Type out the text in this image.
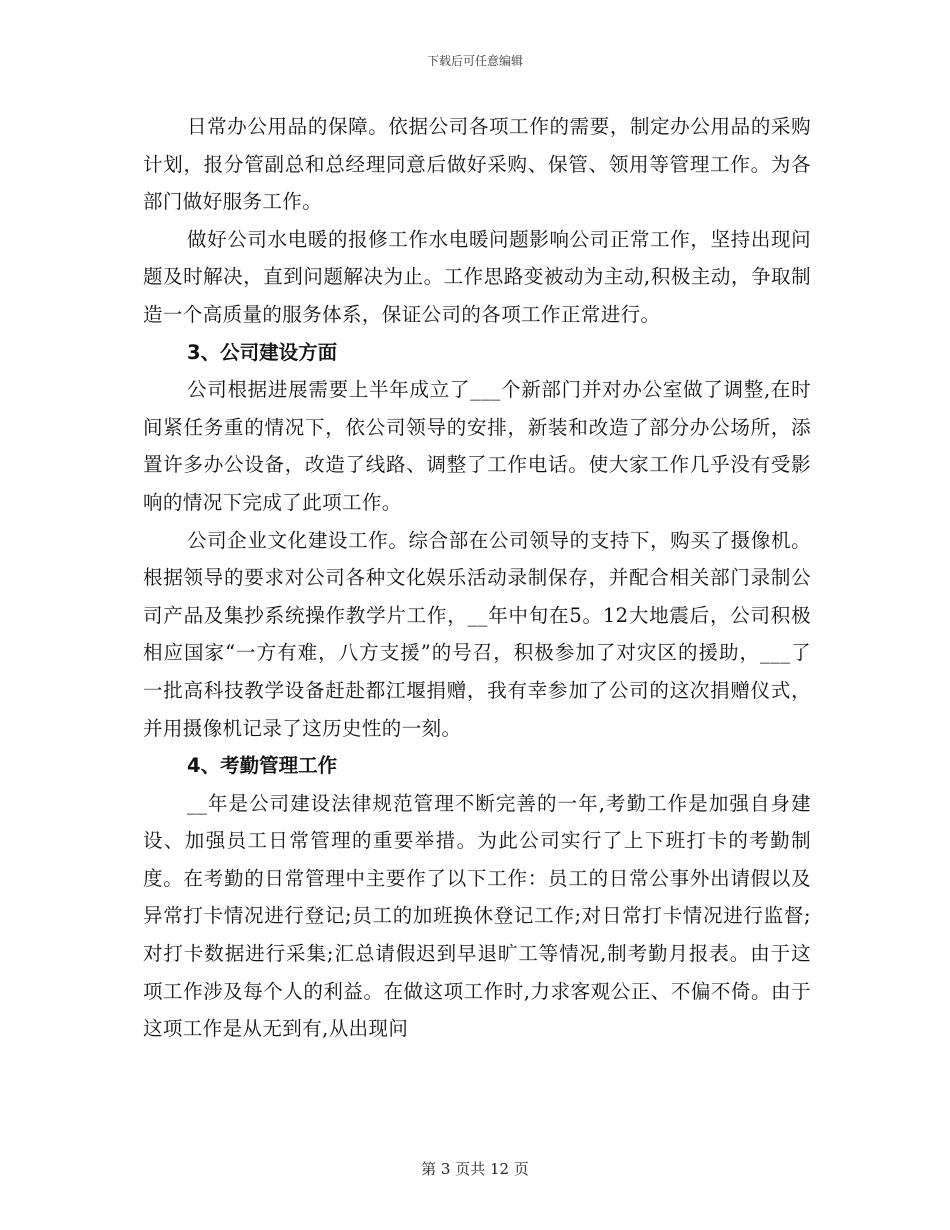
下载后可任意编辑

日常办公用品的保障。依据公司各项工作的需要，制定办公用品的采购计划，报分管副总和总经理同意后做好采购、保管、领用等管理工作。为各部门做好服务工作。

做好公司水电暖的报修工作水电暖问题影响公司正常工作，坚持出现问题及时解决，直到问题解决为止。工作思路变被动为主动,积极主动，争取制造一个高质量的服务体系，保证公司的各项工作正常进行。

3、公司建设方面

公司根据进展需要上半年成立了___个新部门并对办公室做了调整,在时间紧任务重的情况下，依公司领导的安排，新装和改造了部分办公场所，添置许多办公设备，改造了线路、调整了工作电话。使大家工作几乎没有受影响的情况下完成了此项工作。

公司企业文化建设工作。综合部在公司领导的支持下，购买了摄像机。根据领导的要求对公司各种文化娱乐活动录制保存，并配合相关部门录制公司产品及集抄系统操作教学片工作，__年中旬在5。12大地震后，公司积极相应国家“一方有难，八方支援”的号召，积极参加了对灾区的援助，___了一批高科技教学设备赶赴都江堰捐赠，我有幸参加了公司的这次捐赠仪式，并用摄像机记录了这历史性的一刻。

4、考勤管理工作

__年是公司建设法律规范管理不断完善的一年,考勤工作是加强自身建设、加强员工日常管理的重要举措。为此公司实行了上下班打卡的考勤制度。在考勤的日常管理中主要作了以下工作：员工的日常公事外出请假以及异常打卡情况进行登记;员工的加班换休登记工作;对日常打卡情况进行监督;对打卡数据进行采集;汇总请假迟到早退旷工等情况,制考勤月报表。由于这项工作涉及每个人的利益。在做这项工作时,力求客观公正、不偏不倚。由于这项工作是从无到有,从出现问

第 3 页共 12 页
